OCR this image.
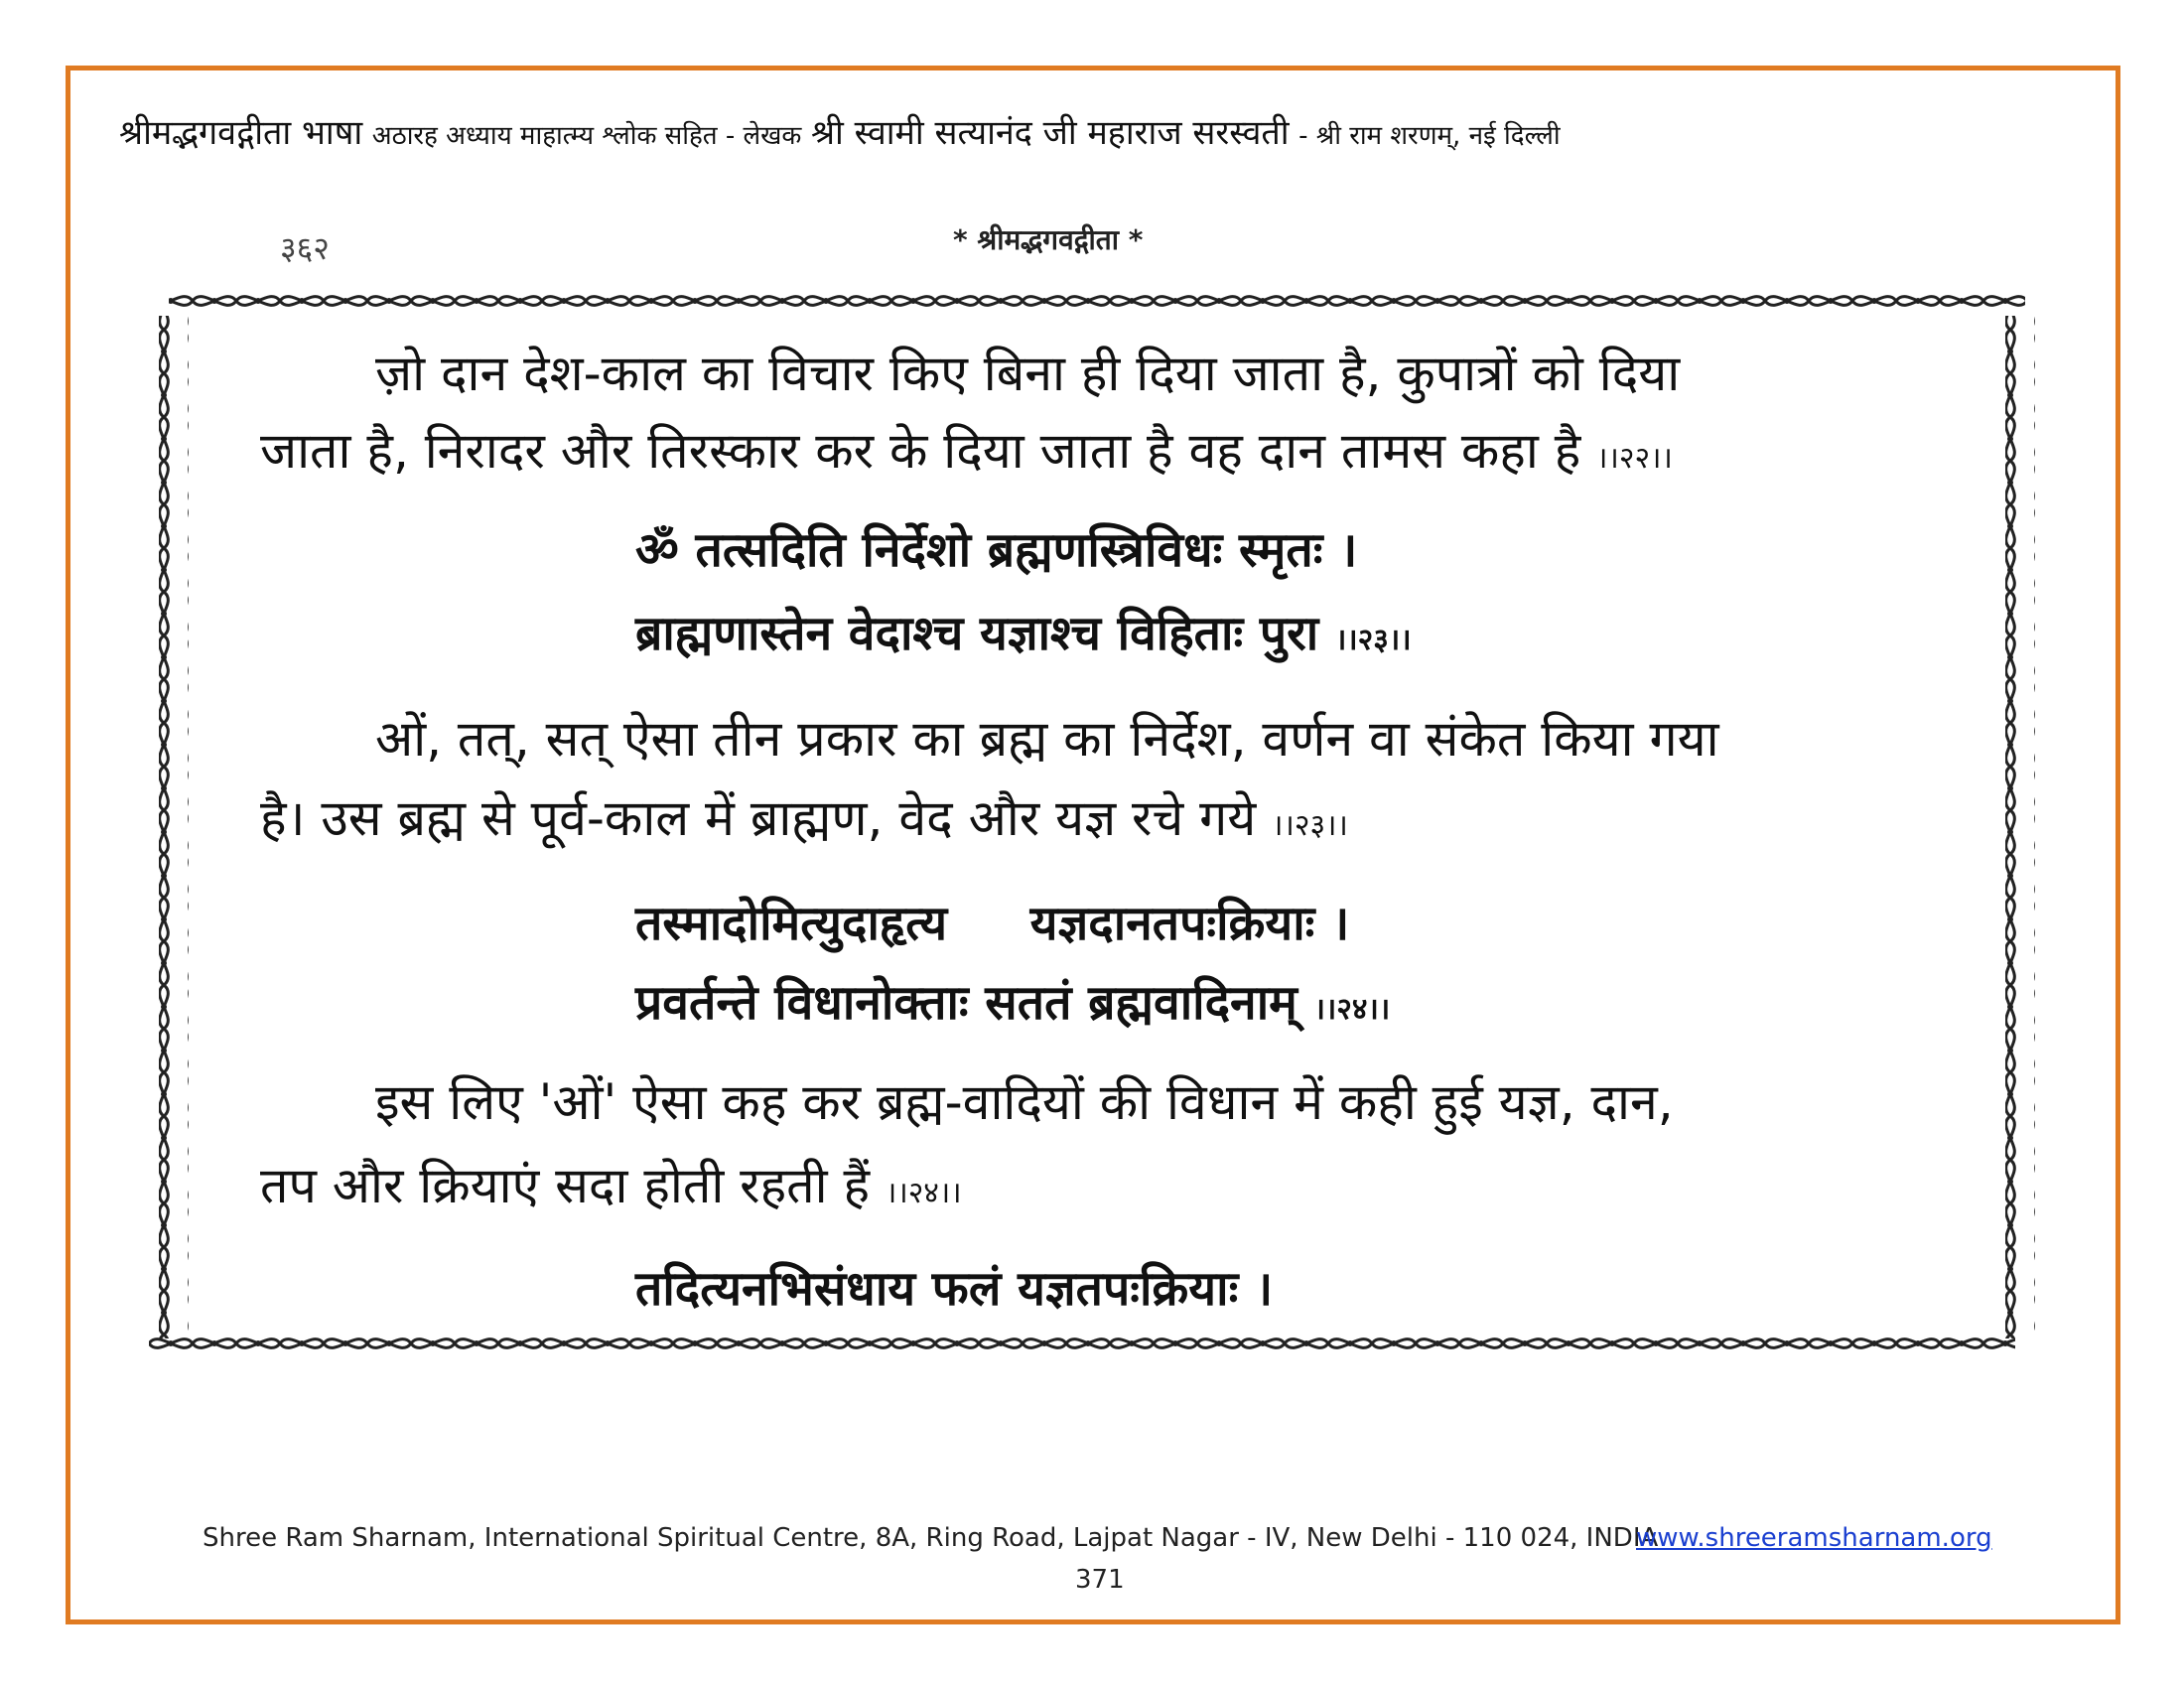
श्रीमद्भगवद्गीता भाषा अठारह अध्याय माहात्म्य श्लोक सहित - लेखक श्री स्वामी सत्यानंद जी महाराज सरस्वती - श्री राम शरणम्, नई दिल्ली
३६२	* श्रीमद्भगवद्गीता *
ज़ो दान देश-काल का विचार किए बिना ही दिया जाता है, कुपात्रों को दिया
जाता है, निरादर और तिरस्कार कर के दिया जाता है वह दान तामस कहा है ।।२२।।
ॐ तत्सदिति निर्देशो ब्रह्मणस्त्रिविधः स्मृतः ।
ब्राह्मणास्तेन वेदाश्च यज्ञाश्च विहिताः पुरा ।।२३।।
ओं, तत्, सत् ऐसा तीन प्रकार का ब्रह्म का निर्देश, वर्णन वा संकेत किया गया
है। उस ब्रह्म से पूर्व-काल में ब्राह्मण, वेद और यज्ञ रचे गये ।।२३।।
तस्मादोमित्युदाहृत्य     यज्ञदानतपःक्रियाः ।
प्रवर्तन्ते विधानोक्ताः सततं ब्रह्मवादिनाम् ।।२४।।
इस लिए 'ओं' ऐसा कह कर ब्रह्म-वादियों की विधान में कही हुई यज्ञ, दान,
तप और क्रियाएं सदा होती रहती हैं ।।२४।।
तदित्यनभिसंधाय फलं यज्ञतपःक्रियाः ।
Shree Ram Sharnam, International Spiritual Centre, 8A, Ring Road, Lajpat Nagar - IV, New Delhi - 110 024, INDIA
www.shreeramsharnam.org
371
